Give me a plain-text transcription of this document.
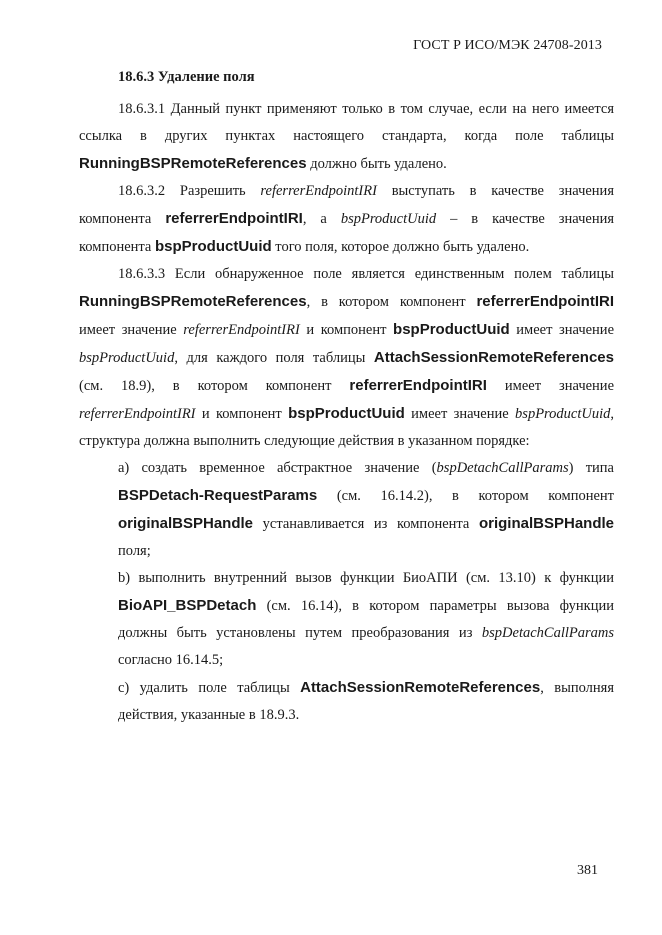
ГОСТ Р ИСО/МЭК 24708-2013
18.6.3 Удаление поля

18.6.3.1 Данный пункт применяют только в том случае, если на него имеется ссылка в других пунктах настоящего стандарта, когда поле таблицы RunningBSPRemoteReferences должно быть удалено.

18.6.3.2 Разрешить referrerEndpointIRI выступать в качестве значения компонента referrerEndpointIRI, а bspProductUuid – в качестве значения компонента bspProductUuid того поля, которое должно быть удалено.

18.6.3.3 Если обнаруженное поле является единственным полем таблицы RunningBSPRemoteReferences, в котором компонент referrerEndpointIRI имеет значение referrerEndpointIRI и компонент bspProductUuid имеет значение bspProductUuid, для каждого поля таблицы AttachSessionRemoteReferences (см. 18.9), в котором компонент referrerEndpointIRI имеет значение referrerEndpointIRI и компонент bspProductUuid имеет значение bspProductUuid, структура должна выполнить следующие действия в указанном порядке:

a) создать временное абстрактное значение (bspDetachCallParams) типа BSPDetach-RequestParams (см. 16.14.2), в котором компонент originalBSPHandle устанавливается из компонента originalBSPHandle поля;

b) выполнить внутренний вызов функции БиоАПИ (см. 13.10) к функции BioAPI_BSPDetach (см. 16.14), в котором параметры вызова функции должны быть установлены путем преобразования из bspDetachCallParams согласно 16.14.5;

c) удалить поле таблицы AttachSessionRemoteReferences, выполняя действия, указанные в 18.9.3.

381
